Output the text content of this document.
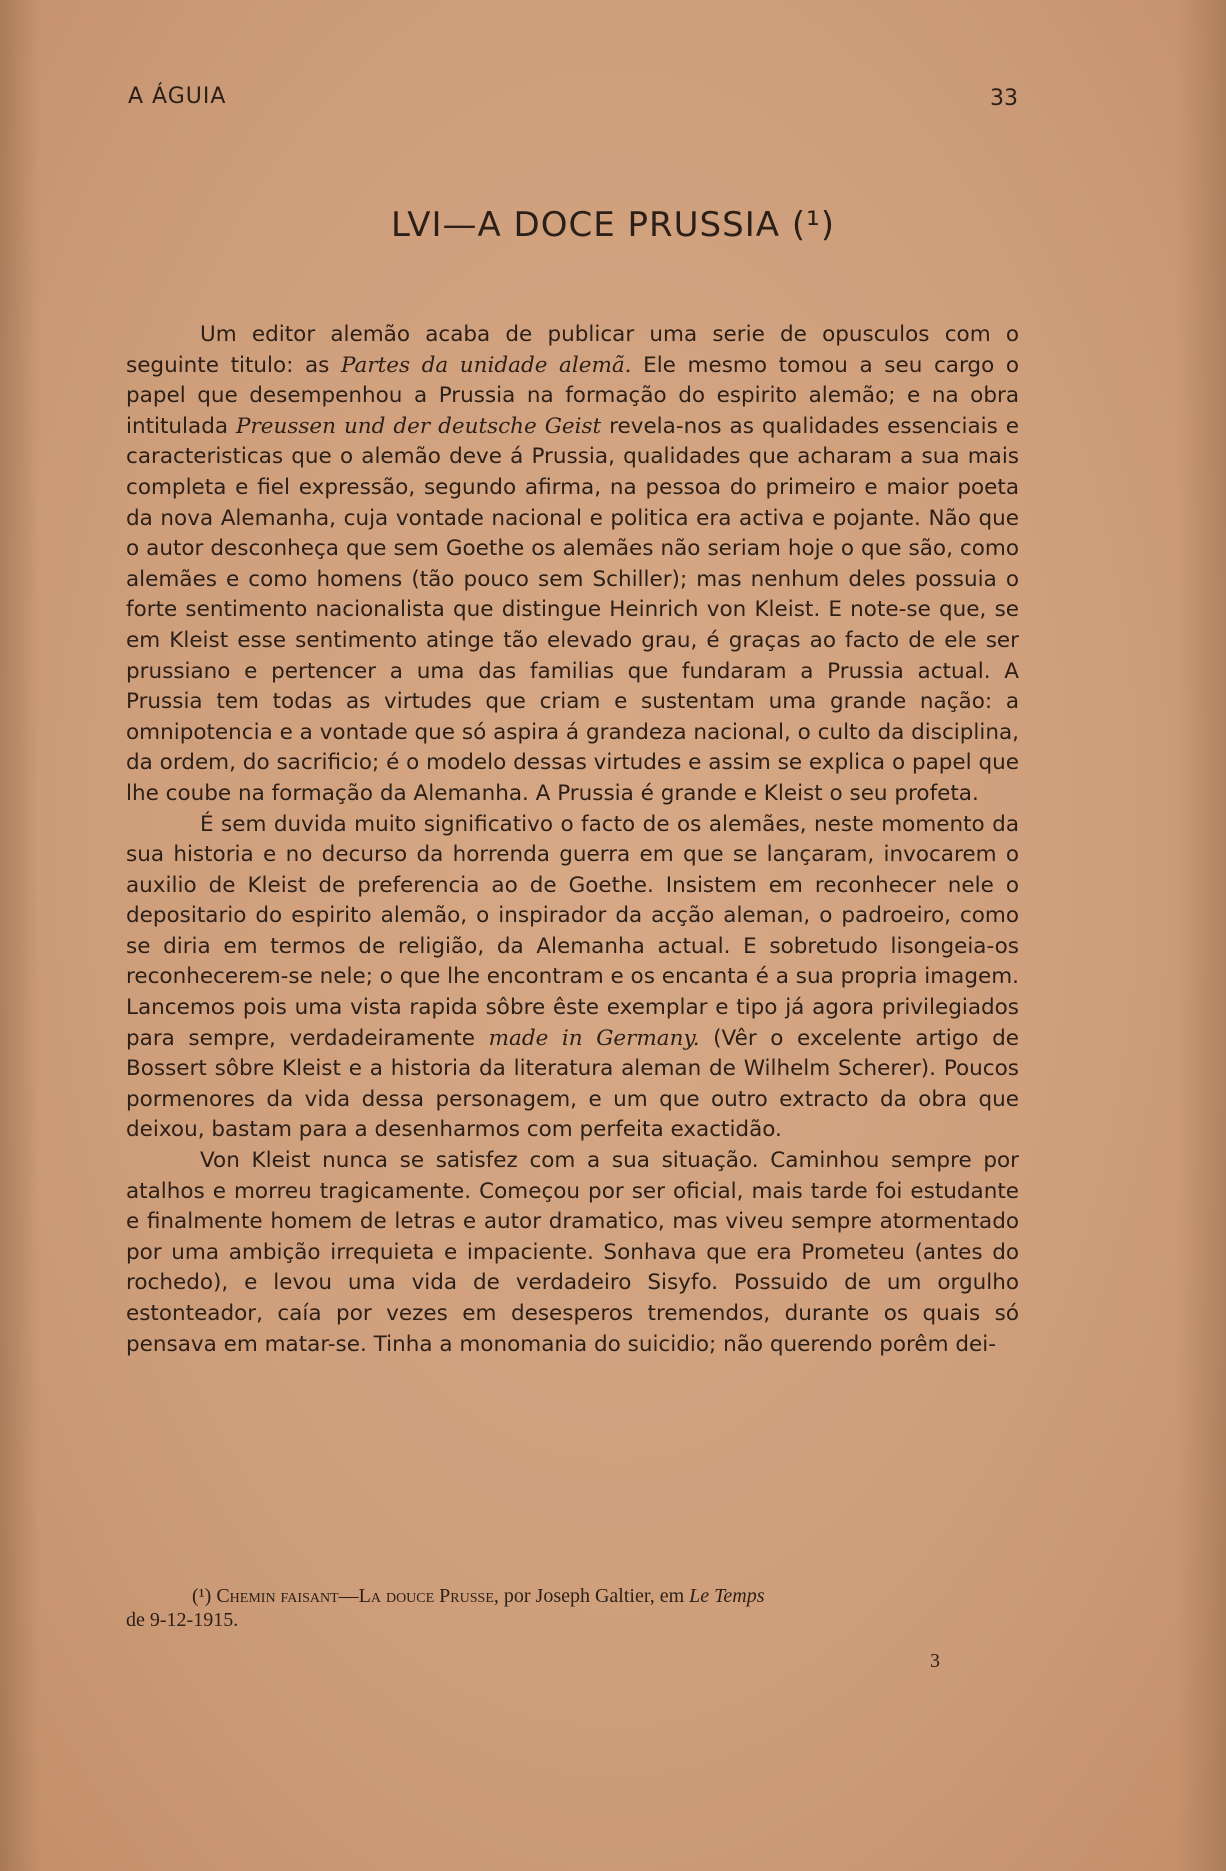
A ÁGUIA	33
LVI—A DOCE PRUSSIA (¹)

Um editor alemão acaba de publicar uma serie de opusculos com o seguinte titulo: as Partes da unidade alemã. Ele mesmo tomou a seu cargo o papel que desempenhou a Prussia na formação do espirito alemão; e na obra intitulada Preussen und der deutsche Geist revela-nos as qualidades essenciais e caracteristicas que o alemão deve á Prussia, qualidades que acharam a sua mais completa e fiel expressão, segundo afirma, na pessoa do primeiro e maior poeta da nova Alemanha, cuja vontade nacional e politica era activa e pojante. Não que o autor desconheça que sem Goethe os alemães não seriam hoje o que são, como alemães e como homens (tão pouco sem Schiller); mas nenhum deles possuia o forte sentimento nacionalista que distingue Heinrich von Kleist. E note-se que, se em Kleist esse sentimento atinge tão elevado grau, é graças ao facto de ele ser prussiano e pertencer a uma das familias que fundaram a Prussia actual. A Prussia tem todas as virtudes que criam e sustentam uma grande nação: a omnipotencia e a vontade que só aspira á grandeza nacional, o culto da disciplina, da ordem, do sacrificio; é o modelo dessas virtudes e assim se explica o papel que lhe coube na formação da Alemanha. A Prussia é grande e Kleist o seu profeta.

É sem duvida muito significativo o facto de os alemães, neste momento da sua historia e no decurso da horrenda guerra em que se lançaram, invocarem o auxilio de Kleist de preferencia ao de Goethe. Insistem em reconhecer nele o depositario do espirito alemão, o inspirador da acção aleman, o padroeiro, como se diria em termos de religião, da Alemanha actual. E sobretudo lisongeia-os reconhecerem-se nele; o que lhe encontram e os encanta é a sua propria imagem. Lancemos pois uma vista rapida sôbre êste exemplar e tipo já agora privilegiados para sempre, verdadeiramente made in Germany. (Vêr o excelente artigo de Bossert sôbre Kleist e a historia da literatura aleman de Wilhelm Scherer). Poucos pormenores da vida dessa personagem, e um que outro extracto da obra que deixou, bastam para a desenharmos com perfeita exactidão.

Von Kleist nunca se satisfez com a sua situação. Caminhou sempre por atalhos e morreu tragicamente. Começou por ser oficial, mais tarde foi estudante e finalmente homem de letras e autor dramatico, mas viveu sempre atormentado por uma ambição irrequieta e impaciente. Sonhava que era Prometeu (antes do rochedo), e levou uma vida de verdadeiro Sisyfo. Possuido de um orgulho estonteador, caía por vezes em desesperos tremendos, durante os quais só pensava em matar-se. Tinha a monomania do suicidio; não querendo porêm dei-

(¹) Chemin faisant—La douce Prusse, por Joseph Galtier, em Le Temps
de 9-12-1915.
3
